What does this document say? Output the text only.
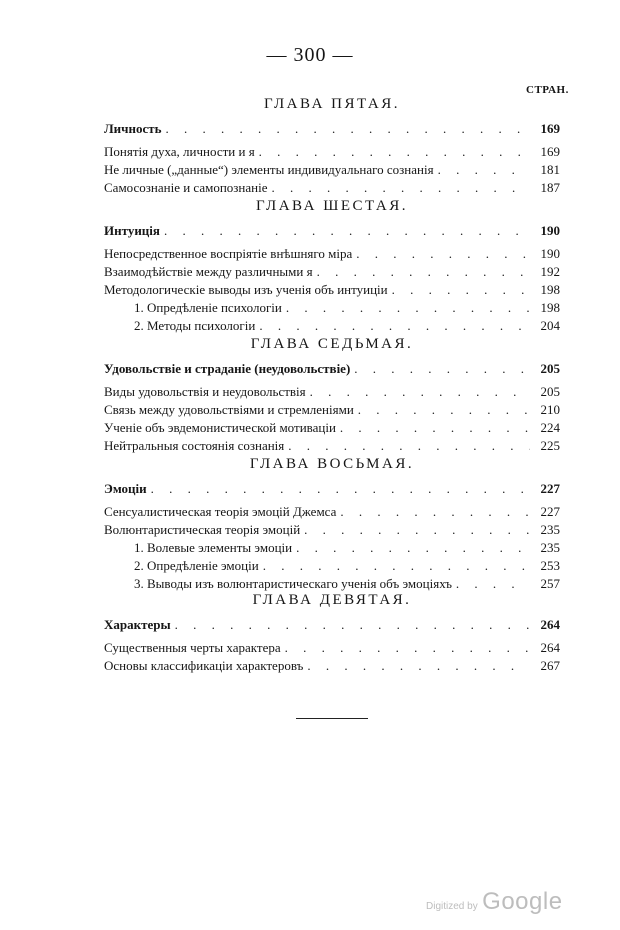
— 300 —
СТРАН.
ГЛАВА ПЯТАЯ.
Личность . . .	169
Понятія духа, личности и я . . .	169
Не личные („данные“) элементы индивидуальнаго сознанія . . .	181
Самосознаніе и самопознаніе . . .	187
ГЛАВА ШЕСТАЯ.
Интуиція . . .	190
Непосредственное воспріятіе внѣшняго міра . . .	190
Взаимодѣйствіе между различными я . . .	192
Методологическіе выводы изъ ученія объ интуиціи . . .	198
1. Опредѣленіе психологіи . . .	198
2. Методы психологіи . . .	204
ГЛАВА СЕДЬМАЯ.
Удовольствіе и страданіе (неудовольствіе) . . .	205
Виды удовольствія и неудовольствія . . .	205
Связь между удовольствіями и стремленіями . . .	210
Ученіе объ эвдемонистической мотиваціи . . .	224
Нейтральныя состоянія сознанія . . .	225
ГЛАВА ВОСЬМАЯ.
Эмоціи . . .	227
Сенсуалистическая теорія эмоцій Джемса . . .	227
Волюнтаристическая теорія эмоцій . . .	235
1. Волевые элементы эмоціи . . .	235
2. Опредѣленіе эмоціи . . .	253
3. Выводы изъ волюнтаристическаго ученія объ эмоціяхъ . . .	257
ГЛАВА ДЕВЯТАЯ.
Характеры . . .	264
Существенныя черты характера . . .	264
Основы классификаціи характеровъ . . .	267
Digitized by Google
